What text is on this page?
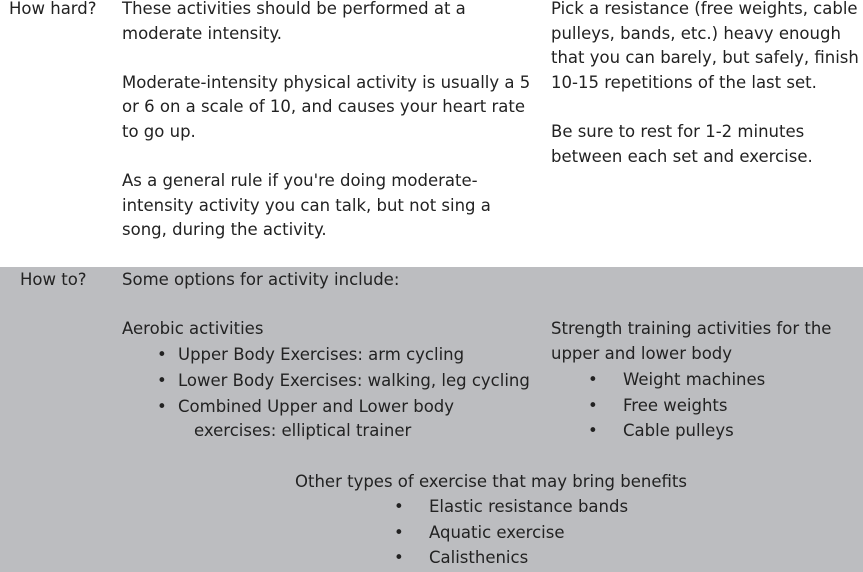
How hard? These activities should be performed at a
moderate intensity.
Moderate-intensity physical activity is usually a 5
or 6 on a scale of 10, and causes your heart rate
to go up.
As a general rule if you're doing moderate-
intensity activity you can talk, but not sing a
song, during the activity.
Pick a resistance (free weights, cable
pulleys, bands, etc.) heavy enough
that you can barely, but safely, finish
10-15 repetitions of the last set.
Be sure to rest for 1-2 minutes
between each set and exercise.
How to? Some options for activity include:
Aerobic activities
• Upper Body Exercises: arm cycling
• Lower Body Exercises: walking, leg cycling
• Combined Upper and Lower body
exercises: elliptical trainer
Strength training activities for the
upper and lower body
• Weight machines
• Free weights
• Cable pulleys
Other types of exercise that may bring benefits
• Elastic resistance bands
• Aquatic exercise
• Calisthenics
